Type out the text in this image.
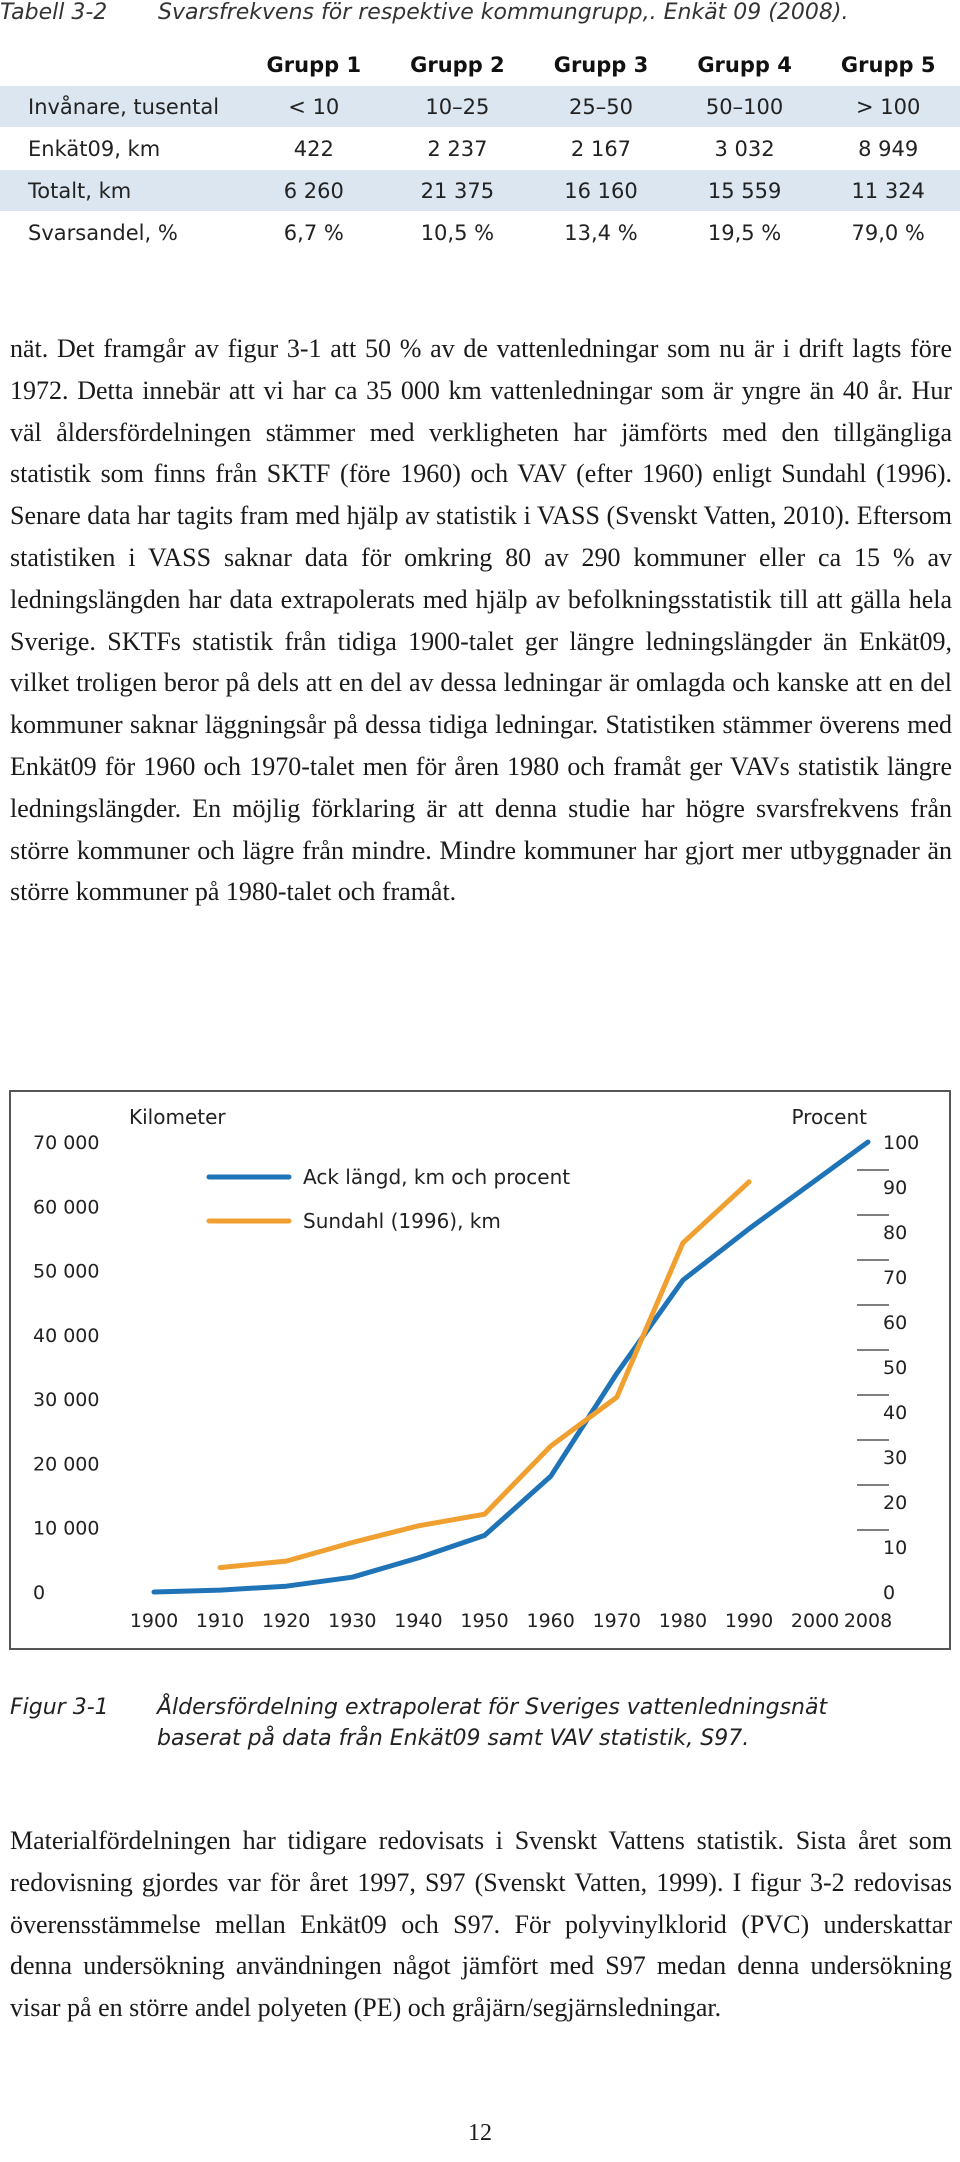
Tabell 3-2 Svarsfrekvens för respektive kommungrupp,. Enkät 09 (2008).
	Grupp 1	Grupp 2	Grupp 3	Grupp 4	Grupp 5
Invånare, tusental	< 10	10–25	25–50	50–100	> 100
Enkät09, km	422	2 237	2 167	3 032	8 949
Totalt, km	6 260	21 375	16 160	15 559	11 324
Svarsandel, %	6,7 %	10,5 %	13,4 %	19,5 %	79,0 %
nät. Det framgår av figur 3-1 att 50 % av de vattenledningar som nu är i drift lagts före 1972. Detta innebär att vi har ca 35 000 km vattenledningar som är yngre än 40 år. Hur väl åldersfördelningen stämmer med verkligheten har jämförts med den tillgängliga statistik som finns från SKTF (före 1960) och VAV (efter 1960) enligt Sundahl (1996). Senare data har tagits fram med hjälp av statistik i VASS (Svenskt Vatten, 2010). Eftersom statistiken i VASS saknar data för omkring 80 av 290 kommuner eller ca 15 % av ledningslängden har data extrapolerats med hjälp av befolkningsstatistik till att gälla hela Sverige. SKTFs statistik från tidiga 1900-talet ger längre ledningslängder än Enkät09, vilket troligen beror på dels att en del av dessa ledningar är omlagda och kanske att en del kommuner saknar läggningsår på dessa tidiga ledningar. Statistiken stämmer överens med Enkät09 för 1960 och 1970-talet men för åren 1980 och framåt ger VAVs statistik längre ledningslängder. En möjlig förklaring är att denna studie har högre svarsfrekvens från större kommuner och lägre från mindre. Mindre kommuner har gjort mer utbyggnader än större kommuner på 1980-talet och framåt.
0
10 000
20 000
30 000
40 000
50 000
60 000
70 000
0
10
20
30
40
50
60
70
80
90
100
1900 1910 1920 1930 1940 1950 1960 1970 1980 1990 2000 2008
Kilometer	Procent
Ack längd, km och procent
Sundahl (1996), km
Figur 3-1 Åldersfördelning extrapolerat för Sveriges vattenledningsnät baserat på data från Enkät09 samt VAV statistik, S97.
Materialfördelningen har tidigare redovisats i Svenskt Vattens statistik. Sista året som redovisning gjordes var för året 1997, S97 (Svenskt Vatten, 1999). I figur 3-2 redovisas överensstämmelse mellan Enkät09 och S97. För polyvinylklorid (PVC) underskattar denna undersökning användningen något jämfört med S97 medan denna undersökning visar på en större andel polyeten (PE) och gråjärn/segjärnsledningar.
12
